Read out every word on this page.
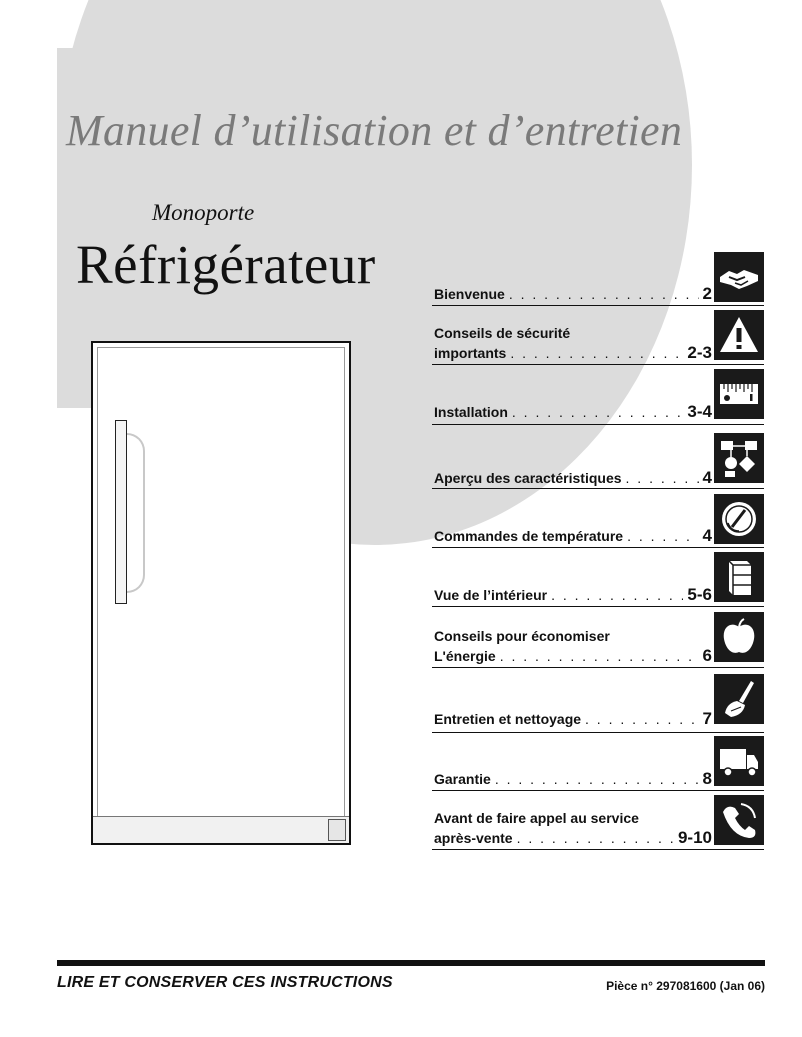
Manuel d’utilisation et d’entretien
Monoporte
Réfrigérateur	Bienvenue . . .	2
Conseils de sécurité
importants . . .	2-3
Installation . . .	3-4
Aperçu des caractéristiques . . .	4
Commandes de température . . .	4
Vue de l’intérieur . . .	5-6
Conseils pour économiser
L'énergie . . .	6
Entretien et nettoyage . . .	7
Garantie . . .	8
Avant de faire appel au service
après-vente . . .	9-10
LIRE ET CONSERVER CES INSTRUCTIONS	Pièce n° 297081600 (Jan 06)
